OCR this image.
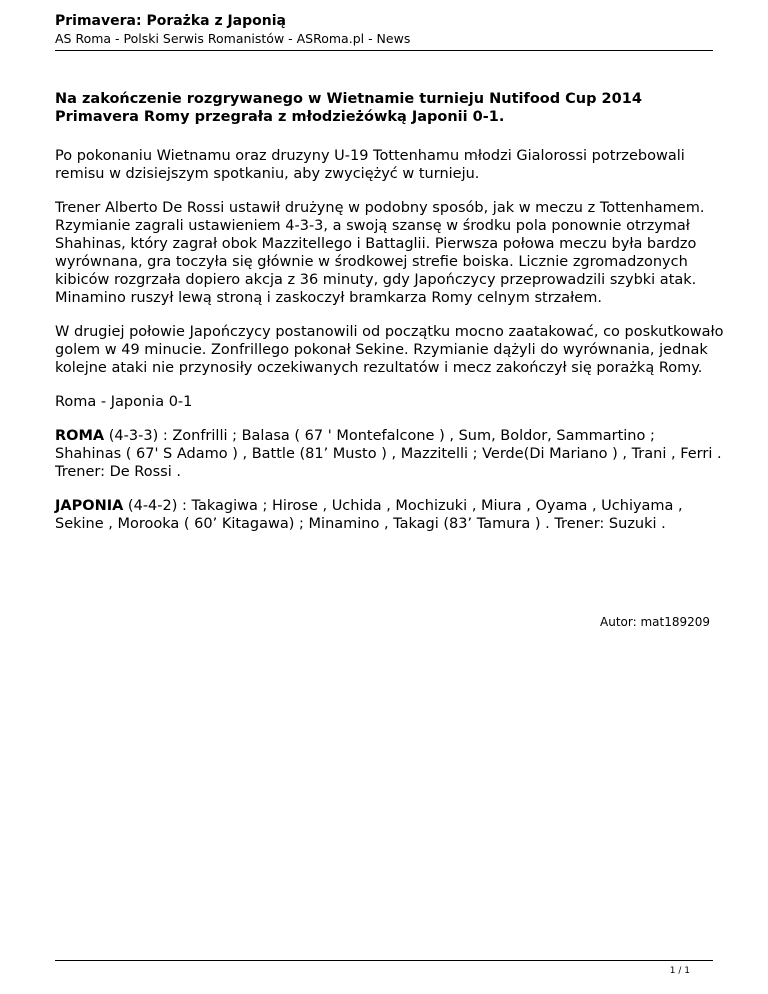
Primavera: Porażka z Japonią

AS Roma - Polski Serwis Romanistów - ASRoma.pl - News

Na zakończenie rozgrywanego w Wietnamie turnieju Nutifood Cup 2014 Primavera Romy przegrała z młodzieżówką Japonii 0-1.

Po pokonaniu Wietnamu oraz druzyny U-19 Tottenhamu młodzi Gialorossi potrzebowali remisu w dzisiejszym spotkaniu, aby zwyciężyć w turnieju.

Trener Alberto De Rossi ustawił drużynę w podobny sposób, jak w meczu z Tottenhamem. Rzymianie zagrali ustawieniem 4-3-3, a swoją szansę w środku pola ponownie otrzymał Shahinas, który zagrał obok Mazzitellego i Battaglii. Pierwsza połowa meczu była bardzo wyrównana, gra toczyła się głównie w środkowej strefie boiska. Licznie zgromadzonych kibiców rozgrzała dopiero akcja z 36 minuty, gdy Japończycy przeprowadzili szybki atak. Minamino ruszył lewą stroną i zaskoczył bramkarza Romy celnym strzałem.

W drugiej połowie Japończycy postanowili od początku mocno zaatakować, co poskutkowało golem w 49 minucie. Zonfrillego pokonał Sekine. Rzymianie dążyli do wyrównania, jednak kolejne ataki nie przynosiły oczekiwanych rezultatów i mecz zakończył się porażką Romy.

Roma - Japonia 0-1

ROMA (4-3-3) : Zonfrilli ; Balasa ( 67 ' Montefalcone ) , Sum, Boldor, Sammartino ; Shahinas ( 67' S Adamo ) , Battle (81’ Musto ) , Mazzitelli ; Verde(Di Mariano ) , Trani , Ferri . Trener: De Rossi .

JAPONIA (4-4-2) : Takagiwa ; Hirose , Uchida , Mochizuki , Miura , Oyama , Uchiyama , Sekine , Morooka ( 60’ Kitagawa) ; Minamino , Takagi (83’ Tamura ) . Trener: Suzuki .

Autor: mat189209
1 / 1
